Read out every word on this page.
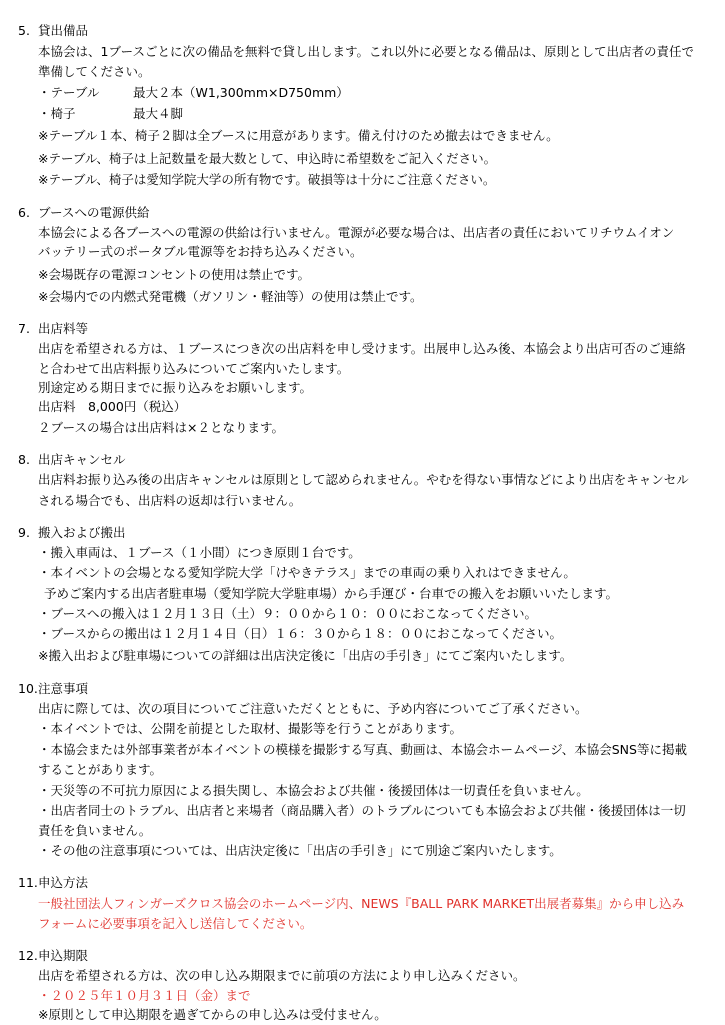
5. 貸出備品
本協会は、1ブースごとに次の備品を無料で貸し出します。これ以外に必要となる備品は、原則として出店者の責任で
準備してください。
・テーブル	最大２本（W1,300mm×D750mm）
・椅子	最大４脚
※テーブル１本、椅子２脚は全ブースに用意があります。備え付けのため撤去はできません。
※テーブル、椅子は上記数量を最大数として、申込時に希望数をご記入ください。
※テーブル、椅子は愛知学院大学の所有物です。破損等は十分にご注意ください。
6. ブースへの電源供給
本協会による各ブースへの電源の供給は行いません。電源が必要な場合は、出店者の責任においてリチウムイオン
バッテリー式のポータブル電源等をお持ち込みください。
※会場既存の電源コンセントの使用は禁止です。
※会場内での内燃式発電機（ガソリン・軽油等）の使用は禁止です。
7. 出店料等
出店を希望される方は、１ブースにつき次の出店料を申し受けます。出展申し込み後、本協会より出店可否のご連絡
と合わせて出店料振り込みについてご案内いたします。
別途定める期日までに振り込みをお願いします。
出店料　8,000円（税込）
２ブースの場合は出店料は×２となります。
8. 出店キャンセル
出店料お振り込み後の出店キャンセルは原則として認められません。やむを得ない事情などにより出店をキャンセル
される場合でも、出店料の返却は行いません。
9. 搬入および搬出
・搬入車両は、１ブース（１小間）につき原則１台です。
・本イベントの会場となる愛知学院大学「けやきテラス」までの車両の乗り入れはできません。
予めご案内する出店者駐車場（愛知学院大学駐車場）から手運び・台車での搬入をお願いいたします。
・ブースへの搬入は１２月１３日（土）９：００から１０：００におこなってください。
・ブースからの搬出は１２月１４日（日）１６：３０から１８：００におこなってください。
※搬入出および駐車場についての詳細は出店決定後に「出店の手引き」にてご案内いたします。
10. 注意事項
出店に際しては、次の項目についてご注意いただくとともに、予め内容についてご了承ください。
・本イベントでは、公開を前提とした取材、撮影等を行うことがあります。
・本協会または外部事業者が本イベントの模様を撮影する写真、動画は、本協会ホームページ、本協会SNS等に掲載
することがあります。
・天災等の不可抗力原因による損失関し、本協会および共催・後援団体は一切責任を負いません。
・出店者同士のトラブル、出店者と来場者（商品購入者）のトラブルについても本協会および共催・後援団体は一切
責任を負いません。
・その他の注意事項については、出店決定後に「出店の手引き」にて別途ご案内いたします。
11. 申込方法
一般社団法人フィンガーズクロス協会のホームページ内、NEWS『BALL PARK MARKET出展者募集』から申し込み
フォームに必要事項を記入し送信してください。
12. 申込期限
出店を希望される方は、次の申し込み期限までに前項の方法により申し込みください。
・２０２５年１０月３１日（金）まで
※原則として申込期限を過ぎてからの申し込みは受付ません。
